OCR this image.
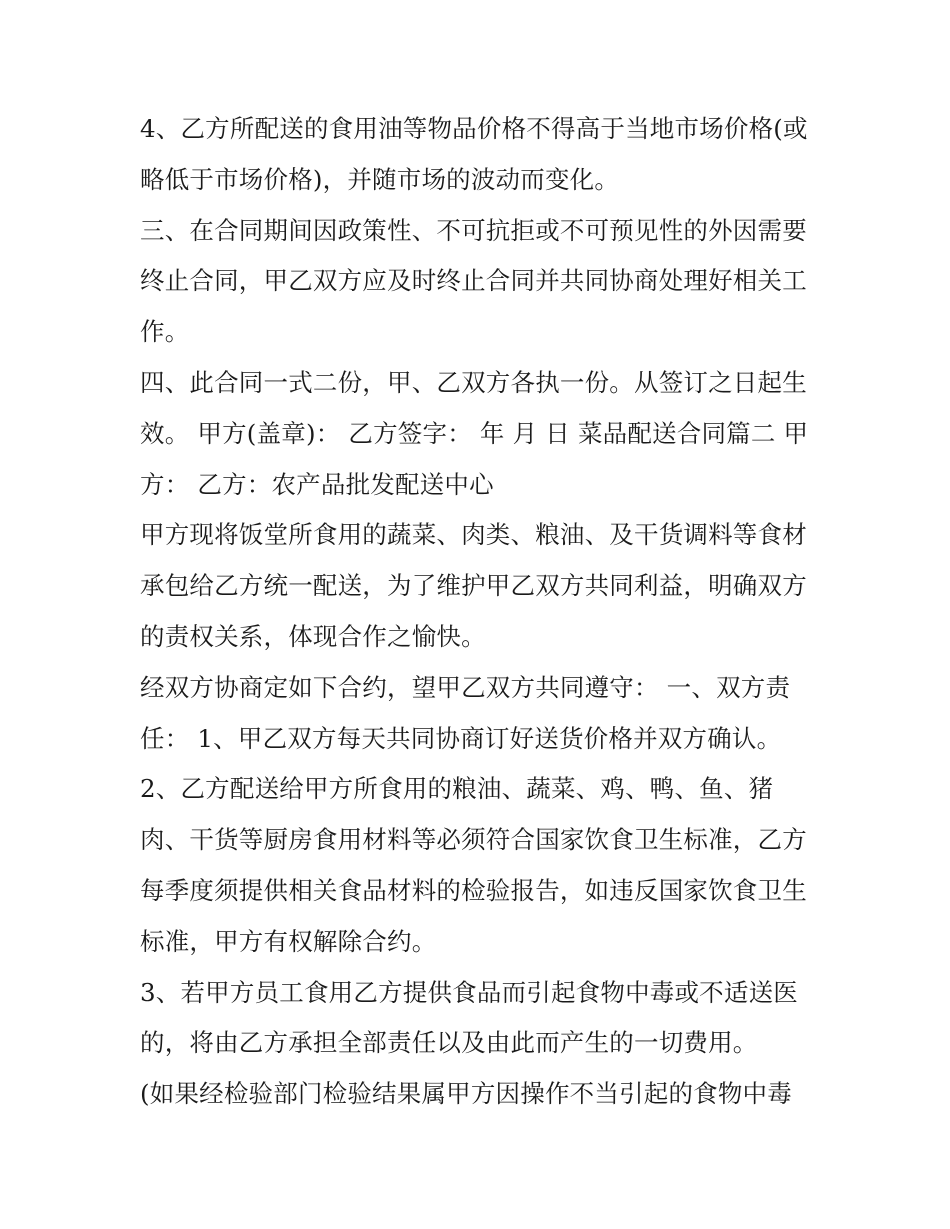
4、乙方所配送的食用油等物品价格不得高于当地市场价格(或
略低于市场价格)，并随市场的波动而变化。
三、在合同期间因政策性、不可抗拒或不可预见性的外因需要
终止合同，甲乙双方应及时终止合同并共同协商处理好相关工
作。
四、此合同一式二份，甲、乙双方各执一份。从签订之日起生
效。 甲方(盖章)： 乙方签字： 年 月 日 菜品配送合同篇二 甲
方： 乙方：农产品批发配送中心
甲方现将饭堂所食用的蔬菜、肉类、粮油、及干货调料等食材
承包给乙方统一配送，为了维护甲乙双方共同利益，明确双方
的责权关系，体现合作之愉快。
经双方协商定如下合约，望甲乙双方共同遵守： 一、双方责
任： 1、甲乙双方每天共同协商订好送货价格并双方确认。
2、乙方配送给甲方所食用的粮油、蔬菜、鸡、鸭、鱼、猪
肉、干货等厨房食用材料等必须符合国家饮食卫生标准，乙方
每季度须提供相关食品材料的检验报告，如违反国家饮食卫生
标准，甲方有权解除合约。
3、若甲方员工食用乙方提供食品而引起食物中毒或不适送医
的，将由乙方承担全部责任以及由此而产生的一切费用。
(如果经检验部门检验结果属甲方因操作不当引起的食物中毒
